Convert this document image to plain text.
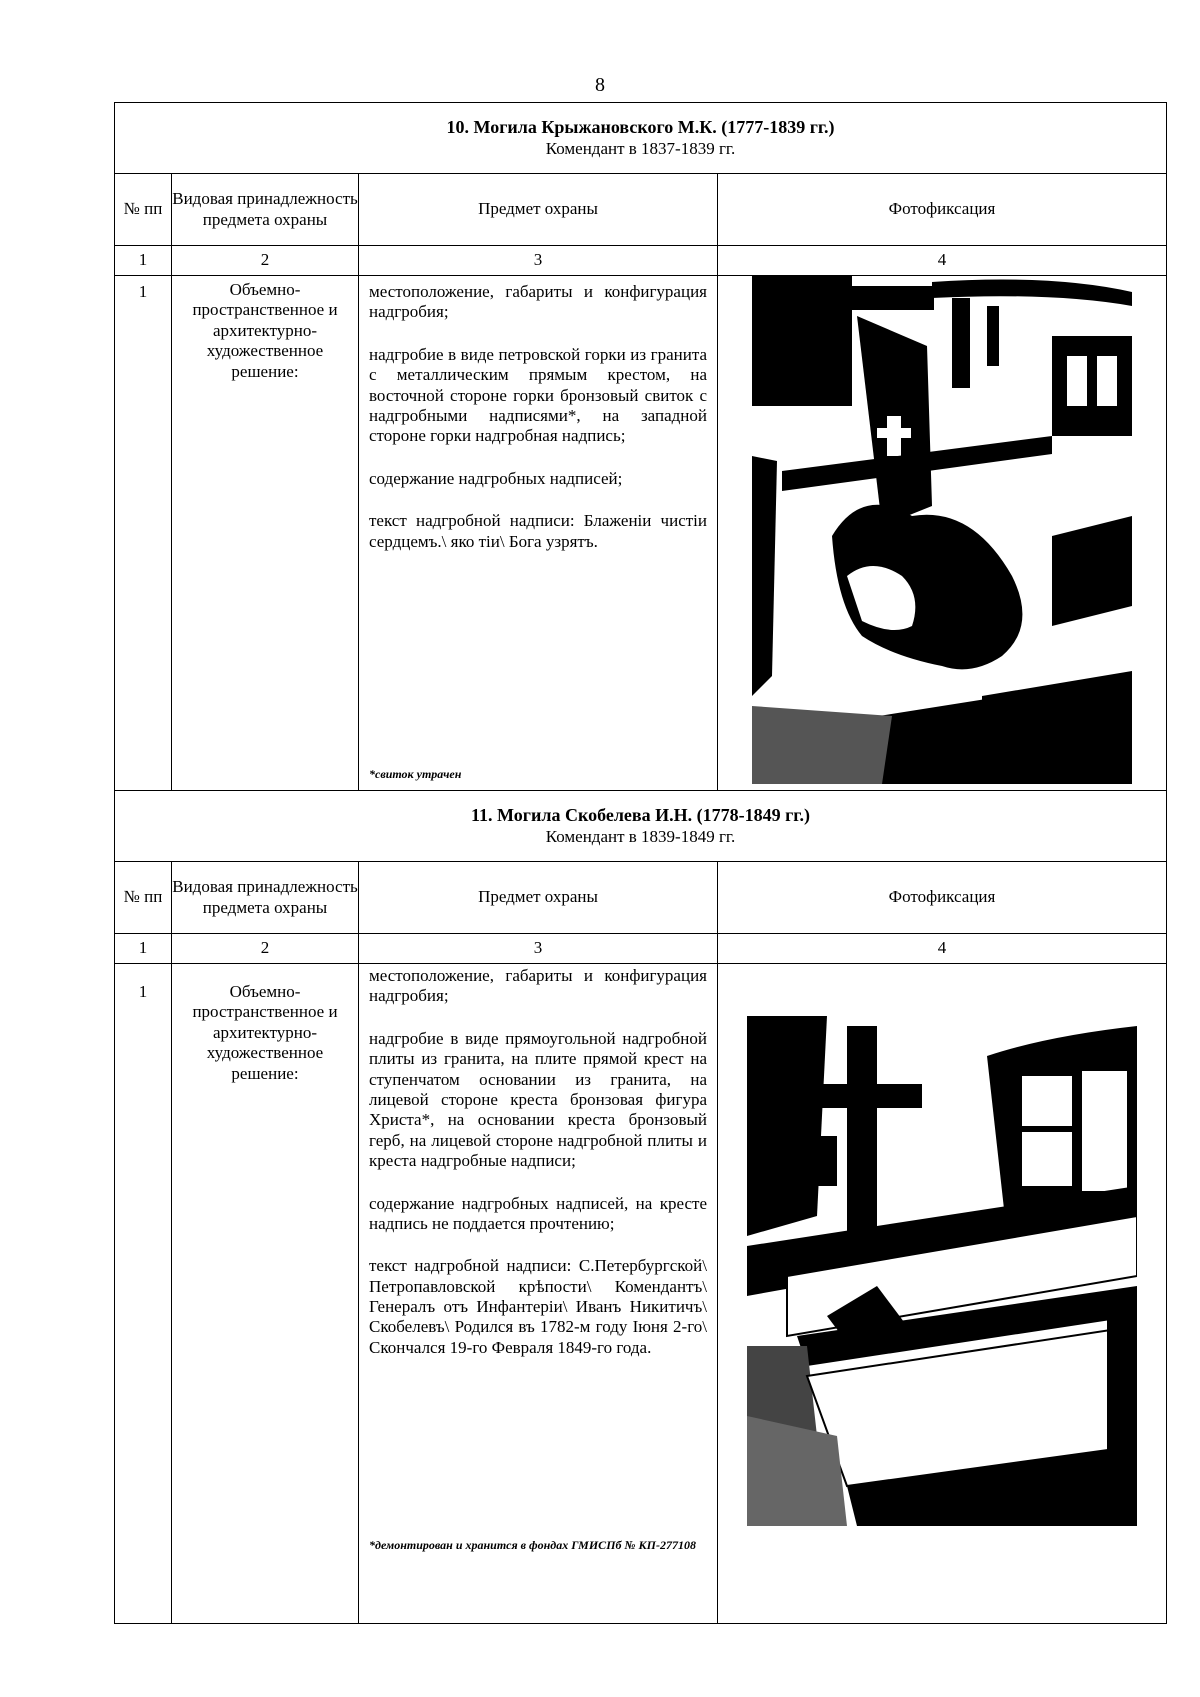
8
10. Могила Крыжановского М.К. (1777-1839 гг.)
Комендант в 1837-1839 гг.			

№ пп	Видовая принадлежность предмета охраны	Предмет охраны	Фотофиксация
1	2	3	4
1	Объемно-пространственное и архитектурно-художественное решение:	местоположение, габариты и конфигурация надгробия;

надгробие в виде петровской горки из гранита с металлическим прямым крестом, на восточной стороне горки бронзовый свиток с надгробными надписями*, на западной стороне горки надгробная надпись;

содержание надгробных надписей;

текст надгробной надписи: Блаженiи чистiи сердцемъ.\ яко тiи\ Бога узрятъ.

*свиток утрачен

11. Могила Скобелева И.Н. (1778-1849 гг.)
Комендант в 1839-1849 гг.			

№ пп	Видовая принадлежность предмета охраны	Предмет охраны	Фотофиксация
1	2	3	4
1	Объемно-пространственное и архитектурно-художественное решение:	местоположение, габариты и конфигурация надгробия;

надгробие в виде прямоугольной надгробной плиты из гранита, на плите прямой крест на ступенчатом основании из гранита, на лицевой стороне креста бронзовая фигура Христа*, на основании креста бронзовый герб, на лицевой стороне надгробной плиты и креста надгробные надписи;

содержание надгробных надписей, на кресте надпись не поддается прочтению;

текст надгробной надписи: С.Петербургской\ Петропавловской крѣпости\ Комендантъ\ Генералъ отъ Инфантерiи\ Иванъ Никитичъ\ Скобелевъ\ Родился въ 1782-м году Iюня 2-го\ Скончался 19-го Февраля 1849-го года.

*демонтирован и хранится в фондах ГМИСПб № КП-277108
